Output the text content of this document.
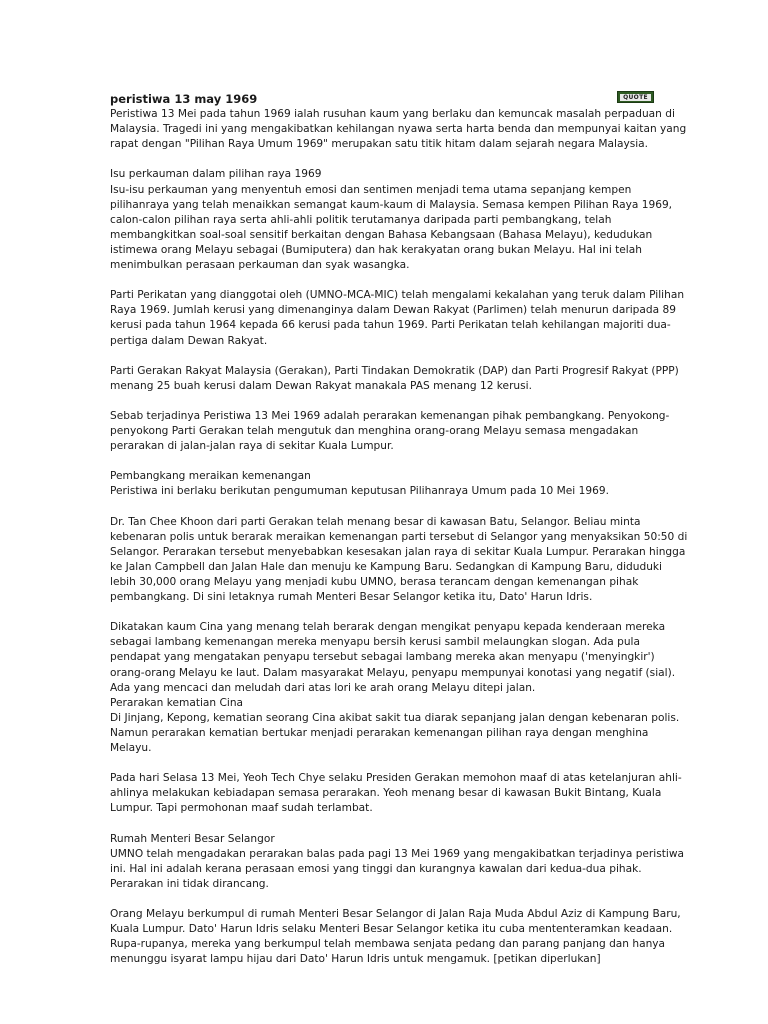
QUOTE
peristiwa 13 may 1969
Peristiwa 13 Mei pada tahun 1969 ialah rusuhan kaum yang berlaku dan kemuncak masalah perpaduan di
Malaysia. Tragedi ini yang mengakibatkan kehilangan nyawa serta harta benda dan mempunyai kaitan yang
rapat dengan "Pilihan Raya Umum 1969" merupakan satu titik hitam dalam sejarah negara Malaysia.
Isu perkauman dalam pilihan raya 1969
Isu-isu perkauman yang menyentuh emosi dan sentimen menjadi tema utama sepanjang kempen
pilihanraya yang telah menaikkan semangat kaum-kaum di Malaysia. Semasa kempen Pilihan Raya 1969,
calon-calon pilihan raya serta ahli-ahli politik terutamanya daripada parti pembangkang, telah
membangkitkan soal-soal sensitif berkaitan dengan Bahasa Kebangsaan (Bahasa Melayu), kedudukan
istimewa orang Melayu sebagai (Bumiputera) dan hak kerakyatan orang bukan Melayu. Hal ini telah
menimbulkan perasaan perkauman dan syak wasangka.
Parti Perikatan yang dianggotai oleh (UMNO-MCA-MIC) telah mengalami kekalahan yang teruk dalam Pilihan
Raya 1969. Jumlah kerusi yang dimenanginya dalam Dewan Rakyat (Parlimen) telah menurun daripada 89
kerusi pada tahun 1964 kepada 66 kerusi pada tahun 1969. Parti Perikatan telah kehilangan majoriti dua-
pertiga dalam Dewan Rakyat.
Parti Gerakan Rakyat Malaysia (Gerakan), Parti Tindakan Demokratik (DAP) dan Parti Progresif Rakyat (PPP)
menang 25 buah kerusi dalam Dewan Rakyat manakala PAS menang 12 kerusi.
Sebab terjadinya Peristiwa 13 Mei 1969 adalah perarakan kemenangan pihak pembangkang. Penyokong-
penyokong Parti Gerakan telah mengutuk dan menghina orang-orang Melayu semasa mengadakan
perarakan di jalan-jalan raya di sekitar Kuala Lumpur.
Pembangkang meraikan kemenangan
Peristiwa ini berlaku berikutan pengumuman keputusan Pilihanraya Umum pada 10 Mei 1969.
Dr. Tan Chee Khoon dari parti Gerakan telah menang besar di kawasan Batu, Selangor. Beliau minta
kebenaran polis untuk berarak meraikan kemenangan parti tersebut di Selangor yang menyaksikan 50:50 di
Selangor. Perarakan tersebut menyebabkan kesesakan jalan raya di sekitar Kuala Lumpur. Perarakan hingga
ke Jalan Campbell dan Jalan Hale dan menuju ke Kampung Baru. Sedangkan di Kampung Baru, diduduki
lebih 30,000 orang Melayu yang menjadi kubu UMNO, berasa terancam dengan kemenangan pihak
pembangkang. Di sini letaknya rumah Menteri Besar Selangor ketika itu, Dato' Harun Idris.
Dikatakan kaum Cina yang menang telah berarak dengan mengikat penyapu kepada kenderaan mereka
sebagai lambang kemenangan mereka menyapu bersih kerusi sambil melaungkan slogan. Ada pula
pendapat yang mengatakan penyapu tersebut sebagai lambang mereka akan menyapu ('menyingkir')
orang-orang Melayu ke laut. Dalam masyarakat Melayu, penyapu mempunyai konotasi yang negatif (sial).
Ada yang mencaci dan meludah dari atas lori ke arah orang Melayu ditepi jalan.
Perarakan kematian Cina
Di Jinjang, Kepong, kematian seorang Cina akibat sakit tua diarak sepanjang jalan dengan kebenaran polis.
Namun perarakan kematian bertukar menjadi perarakan kemenangan pilihan raya dengan menghina
Melayu.
Pada hari Selasa 13 Mei, Yeoh Tech Chye selaku Presiden Gerakan memohon maaf di atas ketelanjuran ahli-
ahlinya melakukan kebiadapan semasa perarakan. Yeoh menang besar di kawasan Bukit Bintang, Kuala
Lumpur. Tapi permohonan maaf sudah terlambat.
Rumah Menteri Besar Selangor
UMNO telah mengadakan perarakan balas pada pagi 13 Mei 1969 yang mengakibatkan terjadinya peristiwa
ini. Hal ini adalah kerana perasaan emosi yang tinggi dan kurangnya kawalan dari kedua-dua pihak.
Perarakan ini tidak dirancang.
Orang Melayu berkumpul di rumah Menteri Besar Selangor di Jalan Raja Muda Abdul Aziz di Kampung Baru,
Kuala Lumpur. Dato' Harun Idris selaku Menteri Besar Selangor ketika itu cuba mententeramkan keadaan.
Rupa-rupanya, mereka yang berkumpul telah membawa senjata pedang dan parang panjang dan hanya
menunggu isyarat lampu hijau dari Dato' Harun Idris untuk mengamuk. [petikan diperlukan]
